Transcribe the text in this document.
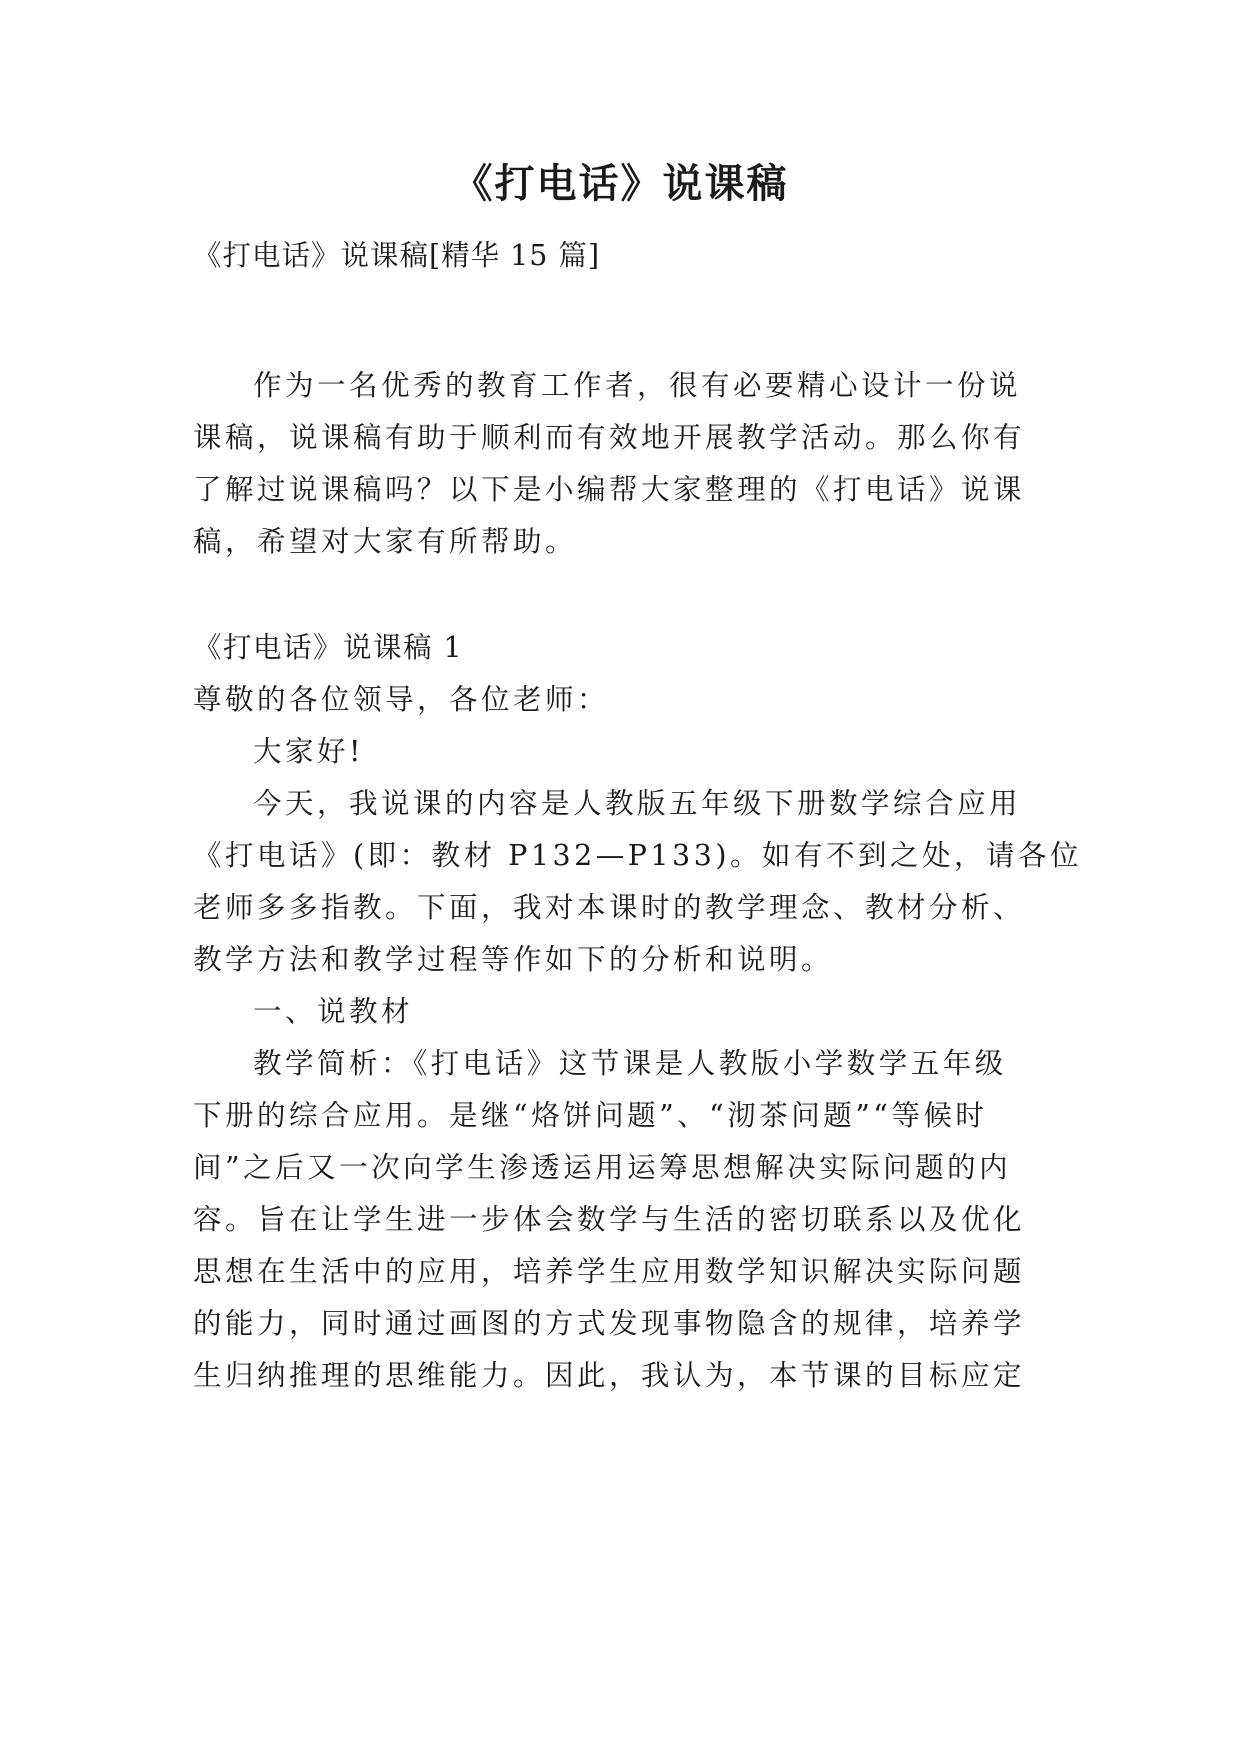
《打电话》说课稿

《打电话》说课稿[精华 15 篇]

作为一名优秀的教育工作者，很有必要精心设计一份说

课稿，说课稿有助于顺利而有效地开展教学活动。那么你有

了解过说课稿吗？以下是小编帮大家整理的《打电话》说课

稿，希望对大家有所帮助。

《打电话》说课稿 1

尊敬的各位领导，各位老师：

大家好!

今天，我说课的内容是人教版五年级下册数学综合应用

《打电话》(即：教材 P132—P133)。如有不到之处，请各位

老师多多指教。下面，我对本课时的教学理念、教材分析、

教学方法和教学过程等作如下的分析和说明。

一、说教材

教学简析：《打电话》这节课是人教版小学数学五年级

下册的综合应用。是继“烙饼问题”、“沏茶问题”“等候时

间”之后又一次向学生渗透运用运筹思想解决实际问题的内

容。旨在让学生进一步体会数学与生活的密切联系以及优化

思想在生活中的应用，培养学生应用数学知识解决实际问题

的能力，同时通过画图的方式发现事物隐含的规律，培养学

生归纳推理的思维能力。因此，我认为，本节课的目标应定
